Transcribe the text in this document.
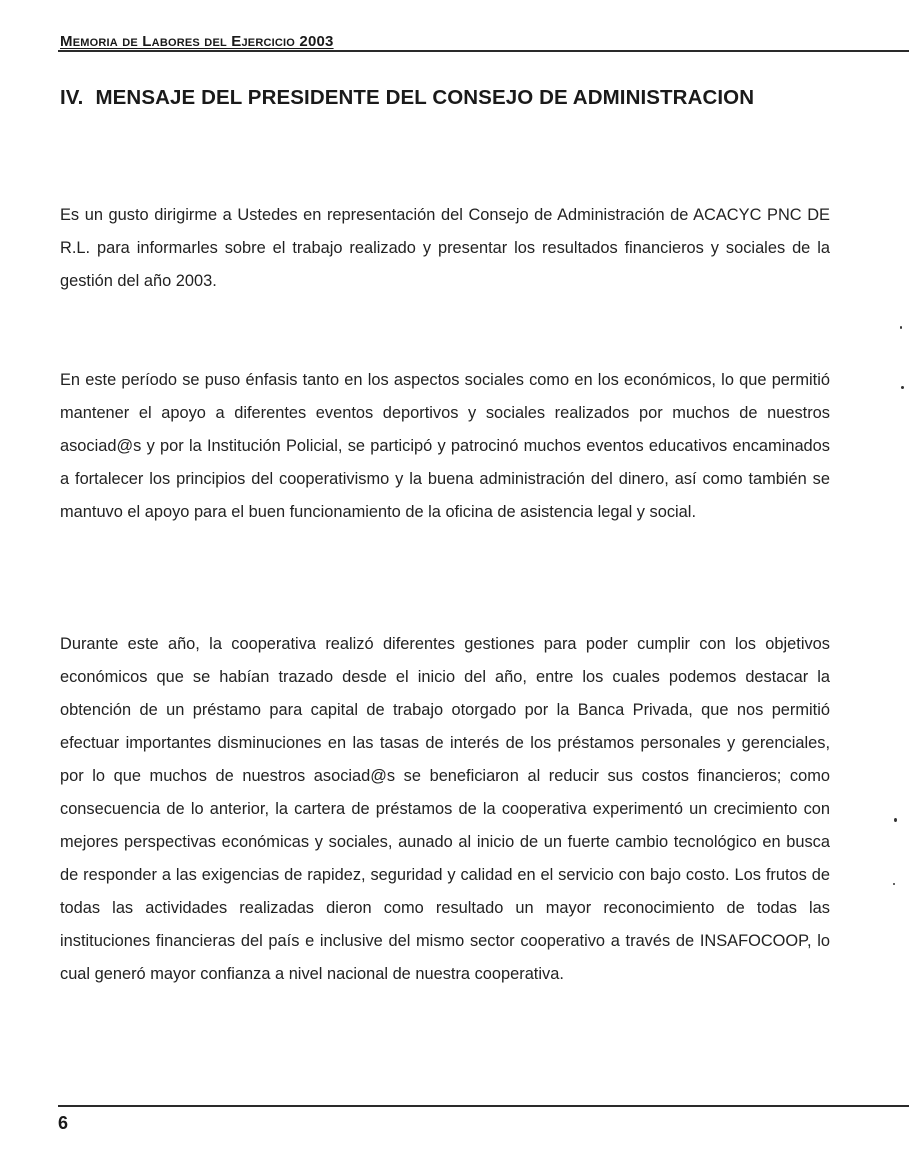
Memoria de Labores del Ejercicio 2003
IV. MENSAJE DEL PRESIDENTE DEL CONSEJO DE ADMINISTRACION

Es un gusto dirigirme a Ustedes en representación del Consejo de Administración de ACACYC PNC DE R.L. para informarles sobre el trabajo realizado y presentar los resultados financieros y sociales de la gestión del año 2003.

En este período se puso énfasis tanto en los aspectos sociales como en los económicos, lo que permitió mantener el apoyo a diferentes eventos deportivos y sociales realizados por muchos de nuestros asociad@s y por la Institución Policial, se participó y patrocinó muchos eventos educativos encaminados a fortalecer los principios del cooperativismo y la buena administración del dinero, así como también se mantuvo el apoyo para el buen funcionamiento de la oficina de asistencia legal y social.

Durante este año, la cooperativa realizó diferentes gestiones para poder cumplir con los objetivos económicos que se habían trazado desde el inicio del año, entre los cuales podemos destacar la obtención de un préstamo para capital de trabajo otorgado por la Banca Privada, que nos permitió efectuar importantes disminuciones en las tasas de interés de los préstamos personales y gerenciales, por lo que muchos de nuestros asociad@s se beneficiaron al reducir sus costos financieros; como consecuencia de lo anterior, la cartera de préstamos de la cooperativa experimentó un crecimiento con mejores perspectivas económicas y sociales, aunado al inicio de un fuerte cambio tecnológico en busca de responder a las exigencias de rapidez, seguridad y calidad en el servicio con bajo costo. Los frutos de todas las actividades realizadas dieron como resultado un mayor reconocimiento de todas las instituciones financieras del país e inclusive del mismo sector cooperativo a través de INSAFOCOOP, lo cual generó mayor confianza a nivel nacional de nuestra cooperativa.

6
